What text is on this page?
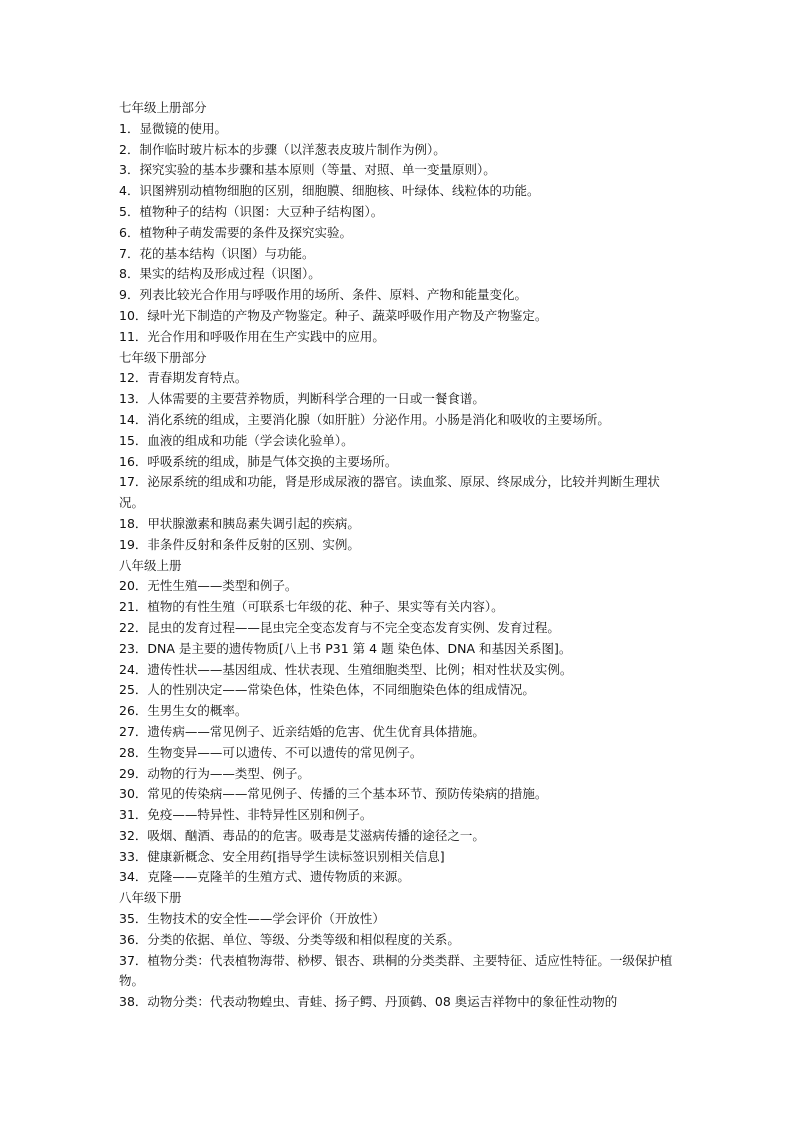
七年级上册部分
1．显微镜的使用。
2．制作临时玻片标本的步骤（以洋葱表皮玻片制作为例）。
3．探究实验的基本步骤和基本原则（等量、对照、单一变量原则）。
4．识图辨别动植物细胞的区别，细胞膜、细胞核、叶绿体、线粒体的功能。
5．植物种子的结构（识图：大豆种子结构图）。
6．植物种子萌发需要的条件及探究实验。
7．花的基本结构（识图）与功能。
8．果实的结构及形成过程（识图）。
9．列表比较光合作用与呼吸作用的场所、条件、原料、产物和能量变化。
10．绿叶光下制造的产物及产物鉴定。种子、蔬菜呼吸作用产物及产物鉴定。
11．光合作用和呼吸作用在生产实践中的应用。
七年级下册部分
12．青春期发育特点。
13．人体需要的主要营养物质，判断科学合理的一日或一餐食谱。
14．消化系统的组成，主要消化腺（如肝脏）分泌作用。小肠是消化和吸收的主要场所。
15．血液的组成和功能（学会读化验单）。
16．呼吸系统的组成，肺是气体交换的主要场所。
17．泌尿系统的组成和功能，肾是形成尿液的器官。读血浆、原尿、终尿成分，比较并判断生理状况。
18．甲状腺激素和胰岛素失调引起的疾病。
19．非条件反射和条件反射的区别、实例。
八年级上册
20．无性生殖——类型和例子。
21．植物的有性生殖（可联系七年级的花、种子、果实等有关内容）。
22．昆虫的发育过程——昆虫完全变态发育与不完全变态发育实例、发育过程。
23．DNA 是主要的遗传物质[八上书 P31 第 4 题 染色体、DNA 和基因关系图]。
24．遗传性状——基因组成、性状表现、生殖细胞类型、比例；相对性状及实例。
25．人的性别决定——常染色体，性染色体，不同细胞染色体的组成情况。
26．生男生女的概率。
27．遗传病——常见例子、近亲结婚的危害、优生优育具体措施。
28．生物变异——可以遗传、不可以遗传的常见例子。
29．动物的行为——类型、例子。
30．常见的传染病——常见例子、传播的三个基本环节、预防传染病的措施。
31．免疫——特异性、非特异性区别和例子。
32．吸烟、酗酒、毒品的的危害。吸毒是艾滋病传播的途径之一。
33．健康新概念、安全用药[指导学生读标签识别相关信息]
34．克隆——克隆羊的生殖方式、遗传物质的来源。
八年级下册
35．生物技术的安全性——学会评价（开放性）
36．分类的依据、单位、等级、分类等级和相似程度的关系。
37．植物分类：代表植物海带、桫椤、银杏、珙桐的分类类群、主要特征、适应性特征。一级保护植物。
38．动物分类：代表动物蝗虫、青蛙、扬子鳄、丹顶鹤、08 奥运吉祥物中的象征性动物的
